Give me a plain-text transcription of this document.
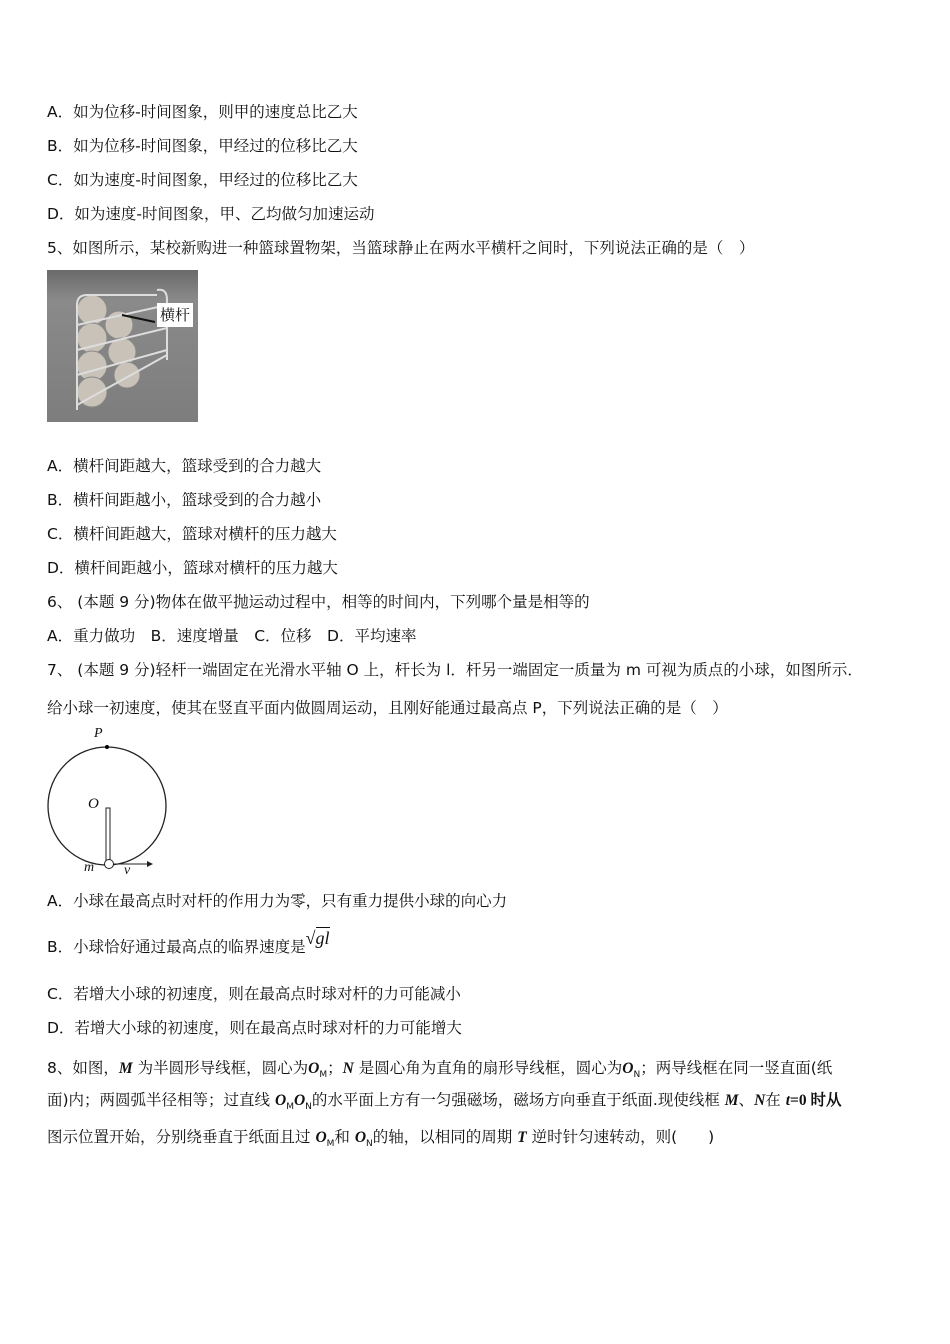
A．如为位移-时间图象，则甲的速度总比乙大
B．如为位移-时间图象，甲经过的位移比乙大
C．如为速度-时间图象，甲经过的位移比乙大
D．如为速度-时间图象，甲、乙均做匀加速运动
5、如图所示，某校新购进一种篮球置物架，当篮球静止在两水平横杆之间时，下列说法正确的是（　）
横杆
A．横杆间距越大，篮球受到的合力越大
B．横杆间距越小，篮球受到的合力越小
C．横杆间距越大，篮球对横杆的压力越大
D．横杆间距越小，篮球对横杆的压力越大
6、 (本题 9 分)物体在做平抛运动过程中，相等的时间内，下列哪个量是相等的
A．重力做功　B．速度增量　C．位移　D．平均速率
7、 (本题 9 分)轻杆一端固定在光滑水平轴 O 上，杆长为 l．杆另一端固定一质量为 m 可视为质点的小球，如图所示．
给小球一初速度，使其在竖直平面内做圆周运动，且刚好能通过最高点 P，下列说法正确的是（　）
P
O
m v
A．小球在最高点时对杆的作用力为零，只有重力提供小球的向心力
B．小球恰好通过最高点的临界速度是√gl
C．若增大小球的初速度，则在最高点时球对杆的力可能减小
D．若增大小球的初速度，则在最高点时球对杆的力可能增大
8、如图，M 为半圆形导线框，圆心为$O_M$；N 是圆心角为直角的扇形导线框，圆心为$O_N$；两导线框在同一竖直面(纸
面)内；两圆弧半径相等；过直线 $O_MO_N$的水平面上方有一匀强磁场，磁场方向垂直于纸面.现使线框 M、N在 t=0 时从
图示位置开始，分别绕垂直于纸面且过 $O_M$和 $O_N$的轴，以相同的周期 T 逆时针匀速转动，则(　　)
